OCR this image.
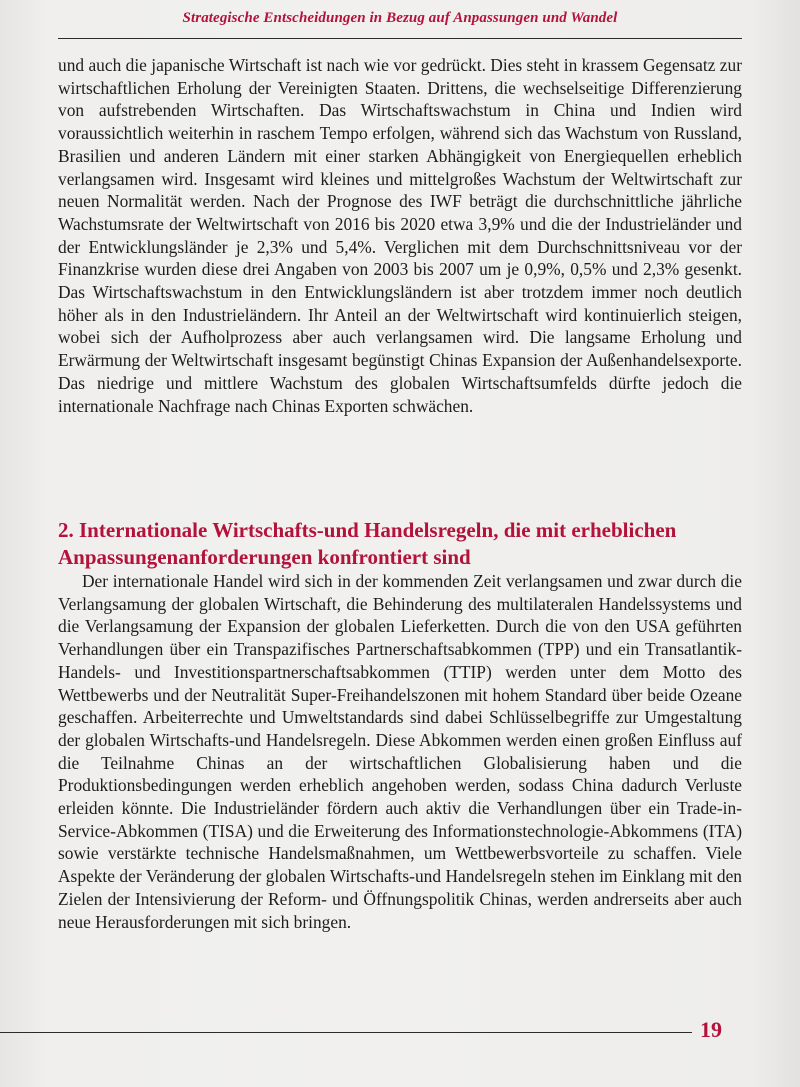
Strategische Entscheidungen in Bezug auf Anpassungen und Wandel

und auch die japanische Wirtschaft ist nach wie vor gedrückt. Dies steht in krassem Gegensatz zur wirtschaftlichen Erholung der Vereinigten Staaten. Drittens, die wechselseitige Differenzierung von aufstrebenden Wirtschaften. Das Wirtschaftswachstum in China und Indien wird voraussichtlich weiterhin in raschem Tempo erfolgen, während sich das Wachstum von Russland, Brasilien und anderen Ländern mit einer starken Abhängigkeit von Energiequellen erheblich verlangsamen wird. Insgesamt wird kleines und mittelgroßes Wachstum der Weltwirtschaft zur neuen Normalität werden. Nach der Prognose des IWF beträgt die durchschnittliche jährliche Wachstumsrate der Weltwirtschaft von 2016 bis 2020 etwa 3,9% und die der Industrieländer und der Entwicklungsländer je 2,3% und 5,4%. Verglichen mit dem Durchschnittsniveau vor der Finanzkrise wurden diese drei Angaben von 2003 bis 2007 um je 0,9%, 0,5% und 2,3% gesenkt. Das Wirtschaftswachstum in den Entwicklungsländern ist aber trotzdem immer noch deutlich höher als in den Industrieländern. Ihr Anteil an der Weltwirtschaft wird kontinuierlich steigen, wobei sich der Aufholprozess aber auch verlangsamen wird. Die langsame Erholung und Erwärmung der Weltwirtschaft insgesamt begünstigt Chinas Expansion der Außenhandelsexporte. Das niedrige und mittlere Wachstum des globalen Wirtschaftsumfelds dürfte jedoch die internationale Nachfrage nach Chinas Exporten schwächen.

2. Internationale Wirtschafts-und Handelsregeln, die mit erheblichen Anpassungenanforderungen konfrontiert sind

Der internationale Handel wird sich in der kommenden Zeit verlangsamen und zwar durch die Verlangsamung der globalen Wirtschaft, die Behinderung des multilateralen Handelssystems und die Verlangsamung der Expansion der globalen Lieferketten. Durch die von den USA geführten Verhandlungen über ein Transpazifisches Partnerschaftsabkommen (TPP) und ein Transatlantik-Handels- und Investitionspartnerschaftsabkommen (TTIP) werden unter dem Motto des Wettbewerbs und der Neutralität Super-Freihandelszonen mit hohem Standard über beide Ozeane geschaffen. Arbeiterrechte und Umweltstandards sind dabei Schlüsselbegriffe zur Umgestaltung der globalen Wirtschafts-und Handelsregeln. Diese Abkommen werden einen großen Einfluss auf die Teilnahme Chinas an der wirtschaftlichen Globalisierung haben und die Produktionsbedingungen werden erheblich angehoben werden, sodass China dadurch Verluste erleiden könnte. Die Industrieländer fördern auch aktiv die Verhandlungen über ein Trade-in-Service-Abkommen (TISA) und die Erweiterung des Informationstechnologie-Abkommens (ITA) sowie verstärkte technische Handelsmaßnahmen, um Wettbewerbsvorteile zu schaffen. Viele Aspekte der Veränderung der globalen Wirtschafts-und Handelsregeln stehen im Einklang mit den Zielen der Intensivierung der Reform- und Öffnungspolitik Chinas, werden andrerseits aber auch neue Herausforderungen mit sich bringen.

19
